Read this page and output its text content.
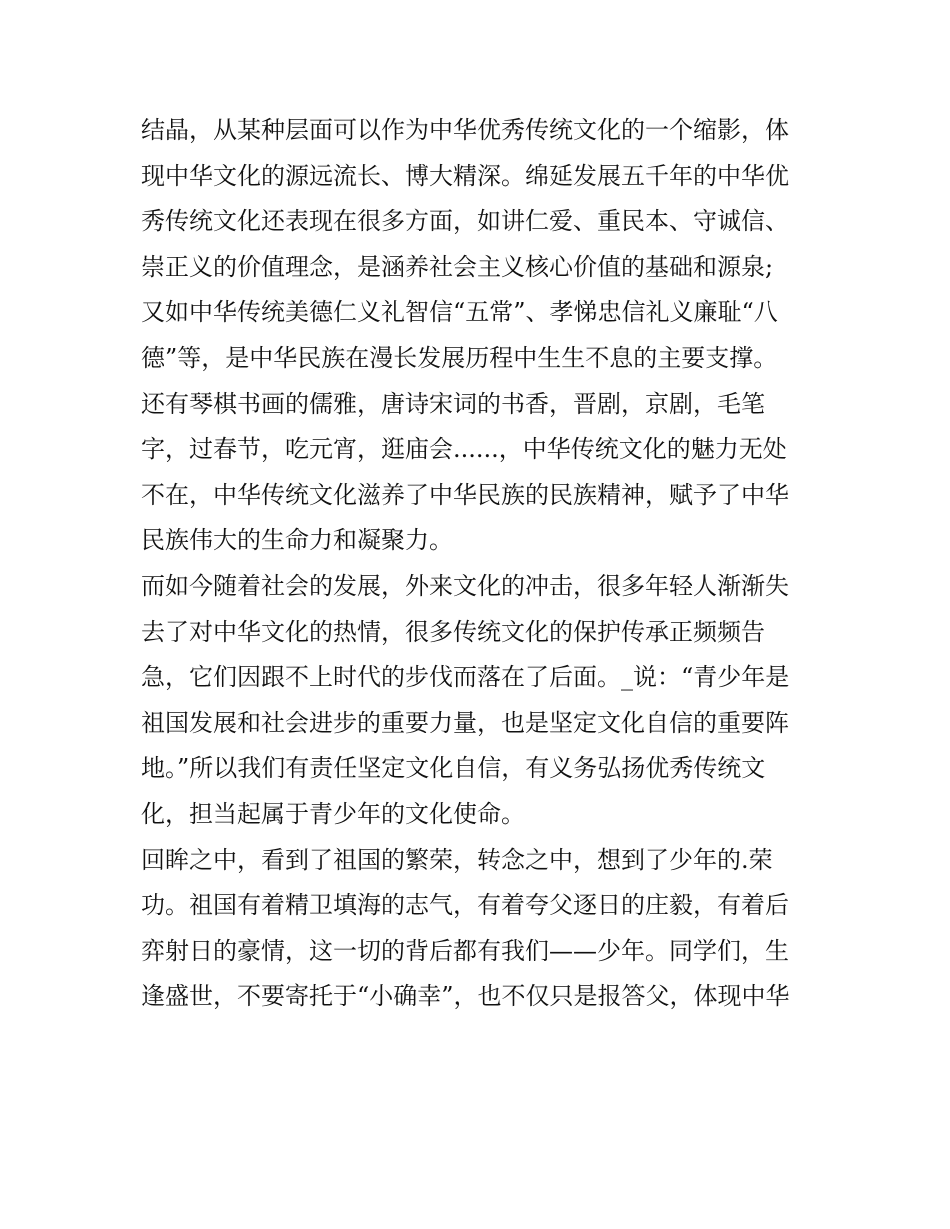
结晶，从某种层面可以作为中华优秀传统文化的一个缩影，体
现中华文化的源远流长、博大精深。绵延发展五千年的中华优
秀传统文化还表现在很多方面，如讲仁爱、重民本、守诚信、
崇正义的价值理念，是涵养社会主义核心价值的基础和源泉;
又如中华传统美德仁义礼智信“五常”、孝悌忠信礼义廉耻“八
德”等，是中华民族在漫长发展历程中生生不息的主要支撑。
还有琴棋书画的儒雅，唐诗宋词的书香，晋剧，京剧，毛笔
字，过春节，吃元宵，逛庙会......，中华传统文化的魅力无处
不在，中华传统文化滋养了中华民族的民族精神，赋予了中华
民族伟大的生命力和凝聚力。
而如今随着社会的发展，外来文化的冲击，很多年轻人渐渐失
去了对中华文化的热情，很多传统文化的保护传承正频频告
急，它们因跟不上时代的步伐而落在了后面。_说：“青少年是
祖国发展和社会进步的重要力量，也是坚定文化自信的重要阵
地。”所以我们有责任坚定文化自信，有义务弘扬优秀传统文
化，担当起属于青少年的文化使命。
回眸之中，看到了祖国的繁荣，转念之中，想到了少年的.荣
功。祖国有着精卫填海的志气，有着夸父逐日的庄毅，有着后
弈射日的豪情，这一切的背后都有我们——少年。同学们，生
逢盛世，不要寄托于“小确幸”，也不仅只是报答父，体现中华
